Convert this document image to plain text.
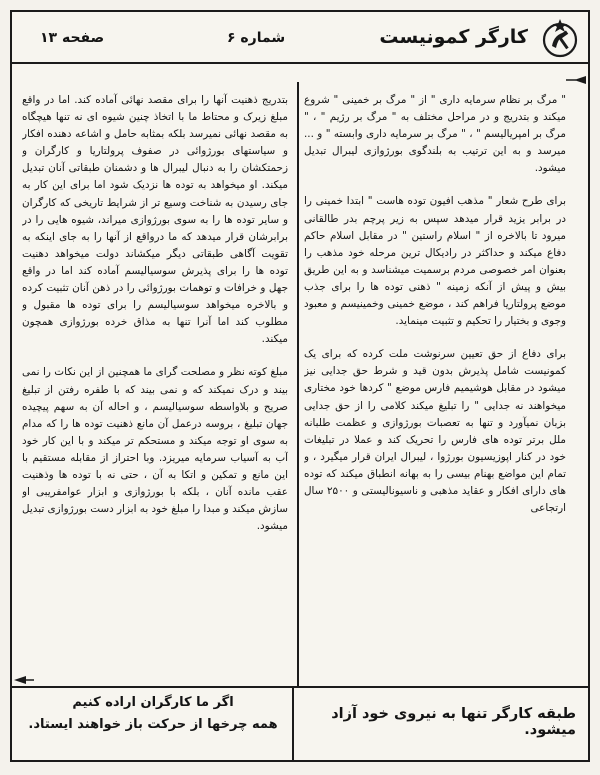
کارگر کمونیست
شماره ۶
صفحه ۱۳

" مرگ بر نظام سرمایه داری " از " مرگ بر خمینی " شروع میکند و بتدریج و در مراحل مختلف به " مرگ بر رژیم " ، " مرگ بر امپریالیسم " ، " مرگ بر سرمایه داری وابسته " و ... میرسد و به این ترتیب به بلندگوی بورژوازی لیبرال تبدیل میشود.

برای طرح شعار " مذهب افیون توده هاست " ابتدا خمینی را در برابر یزید قرار میدهد سپس به زیر پرچم بدر طالقانی میرود تا بالاخره از " اسلام راستین " در مقابل اسلام حاکم دفاع میکند و حداکثر در رادیکال ترین مرحله خود مذهب را بعنوان امر خصوصی مردم برسمیت میشناسد و به این طریق بیش و پیش از آنکه زمینه " ذهنی توده ها را برای جذب موضع پرولتاریا فراهم کند ، موضع خمینی وخمینیسم و معبود وجوی و بختیار را تحکیم و تثبیت مینماید.

برای دفاع از حق تعیین سرنوشت ملت کرده که برای یک کمونیست شامل پذیرش بدون قید و شرط حق جدایی نیز میشود در مقابل هوشیمیم فارس موضع " کردها خود مختاری میخواهند نه جدایی " را تبلیغ میکند کلامی را از حق جدایی بزبان نمیآورد و تنها به تعصبات بورژوازی و عظمت طلبانه ملل برتر توده های فارس را تحریک کند و عملا در تبلیغات خود در کنار اپوزیسیون بورژوا ، لیبرال ایران قرار میگیرد ، و تمام این مواضع بهنام بیسی را به بهانه انطباق میکند که توده های دارای افکار و عقاید مذهبی و ناسیونالیستی و ۲۵۰۰ سال ارتجاعی

بتدریج ذهنیت آنها را برای مقصد نهائی آماده کند. اما در واقع مبلغ زیرک و محتاط ما با اتخاذ چنین شیوه ای نه تنها هیچگاه به مقصد نهائی نمیرسد بلکه بمثابه حامل و اشاعه دهنده افکار و سیاستهای بورژوائی در صفوف پرولتاریا و کارگران و زحمتکشان را به دنبال لیبرال ها و دشمنان طبقاتی آنان تبدیل میکند. او میخواهد به توده ها نزدیک شود اما برای این کار به جای رسیدن به شناخت وسیع تر از شرایط تاریخی که کارگران و سایر توده ها را به سوی بورژوازی میراند، شیوه هایی را در برابرشان قرار میدهد که ما درواقع از آنها را به جای اینکه به تقویت آگاهی طبقاتی دیگر میکشاند دولت میخواهد دهنیت توده ها را برای پذیرش سوسیالیسم آماده کند اما در واقع جهل و خرافات و توهمات بورژوائی را در ذهن آنان تثبیت کرده و بالاخره میخواهد سوسیالیسم را برای توده ها مقبول و مطلوب کند اما آنرا تنها به مذاق خرده بورژوازی همچون میکند.

مبلغ کوته نظر و مصلحت گرای ما همچنین از این نکات را نمی بیند و درک نمیکند که و نمی بیند که با طفره رفتن از تبلیغ صریح و بلاواسطه سوسیالیسم ، و احاله آن به سهم پیچیده جهان تبلیغ ، بروسه درعمل آن مانع ذهنیت توده ها را که مدام به سوی او توجه میکند و مستحکم تر میکند و با این کار خود آب به آسیاب سرمایه میریزد. وبا احتراز از مقابله مستقیم با این مانع و تمکین و اتکا به آن ، حتی نه با توده ها وذهنیت عقب مانده آنان ، بلکه با بورژوازی و ابزار عوامفریبی او سازش میکند و مبدا را مبلغ خود به ابزار دست بورژوازی تبدیل میشود.

طبقه کارگر تنها به نیروی خود آزاد میشود.
اگر ما کارگران اراده کنیم
همه چرخها از حرکت باز خواهند ایستاد.
